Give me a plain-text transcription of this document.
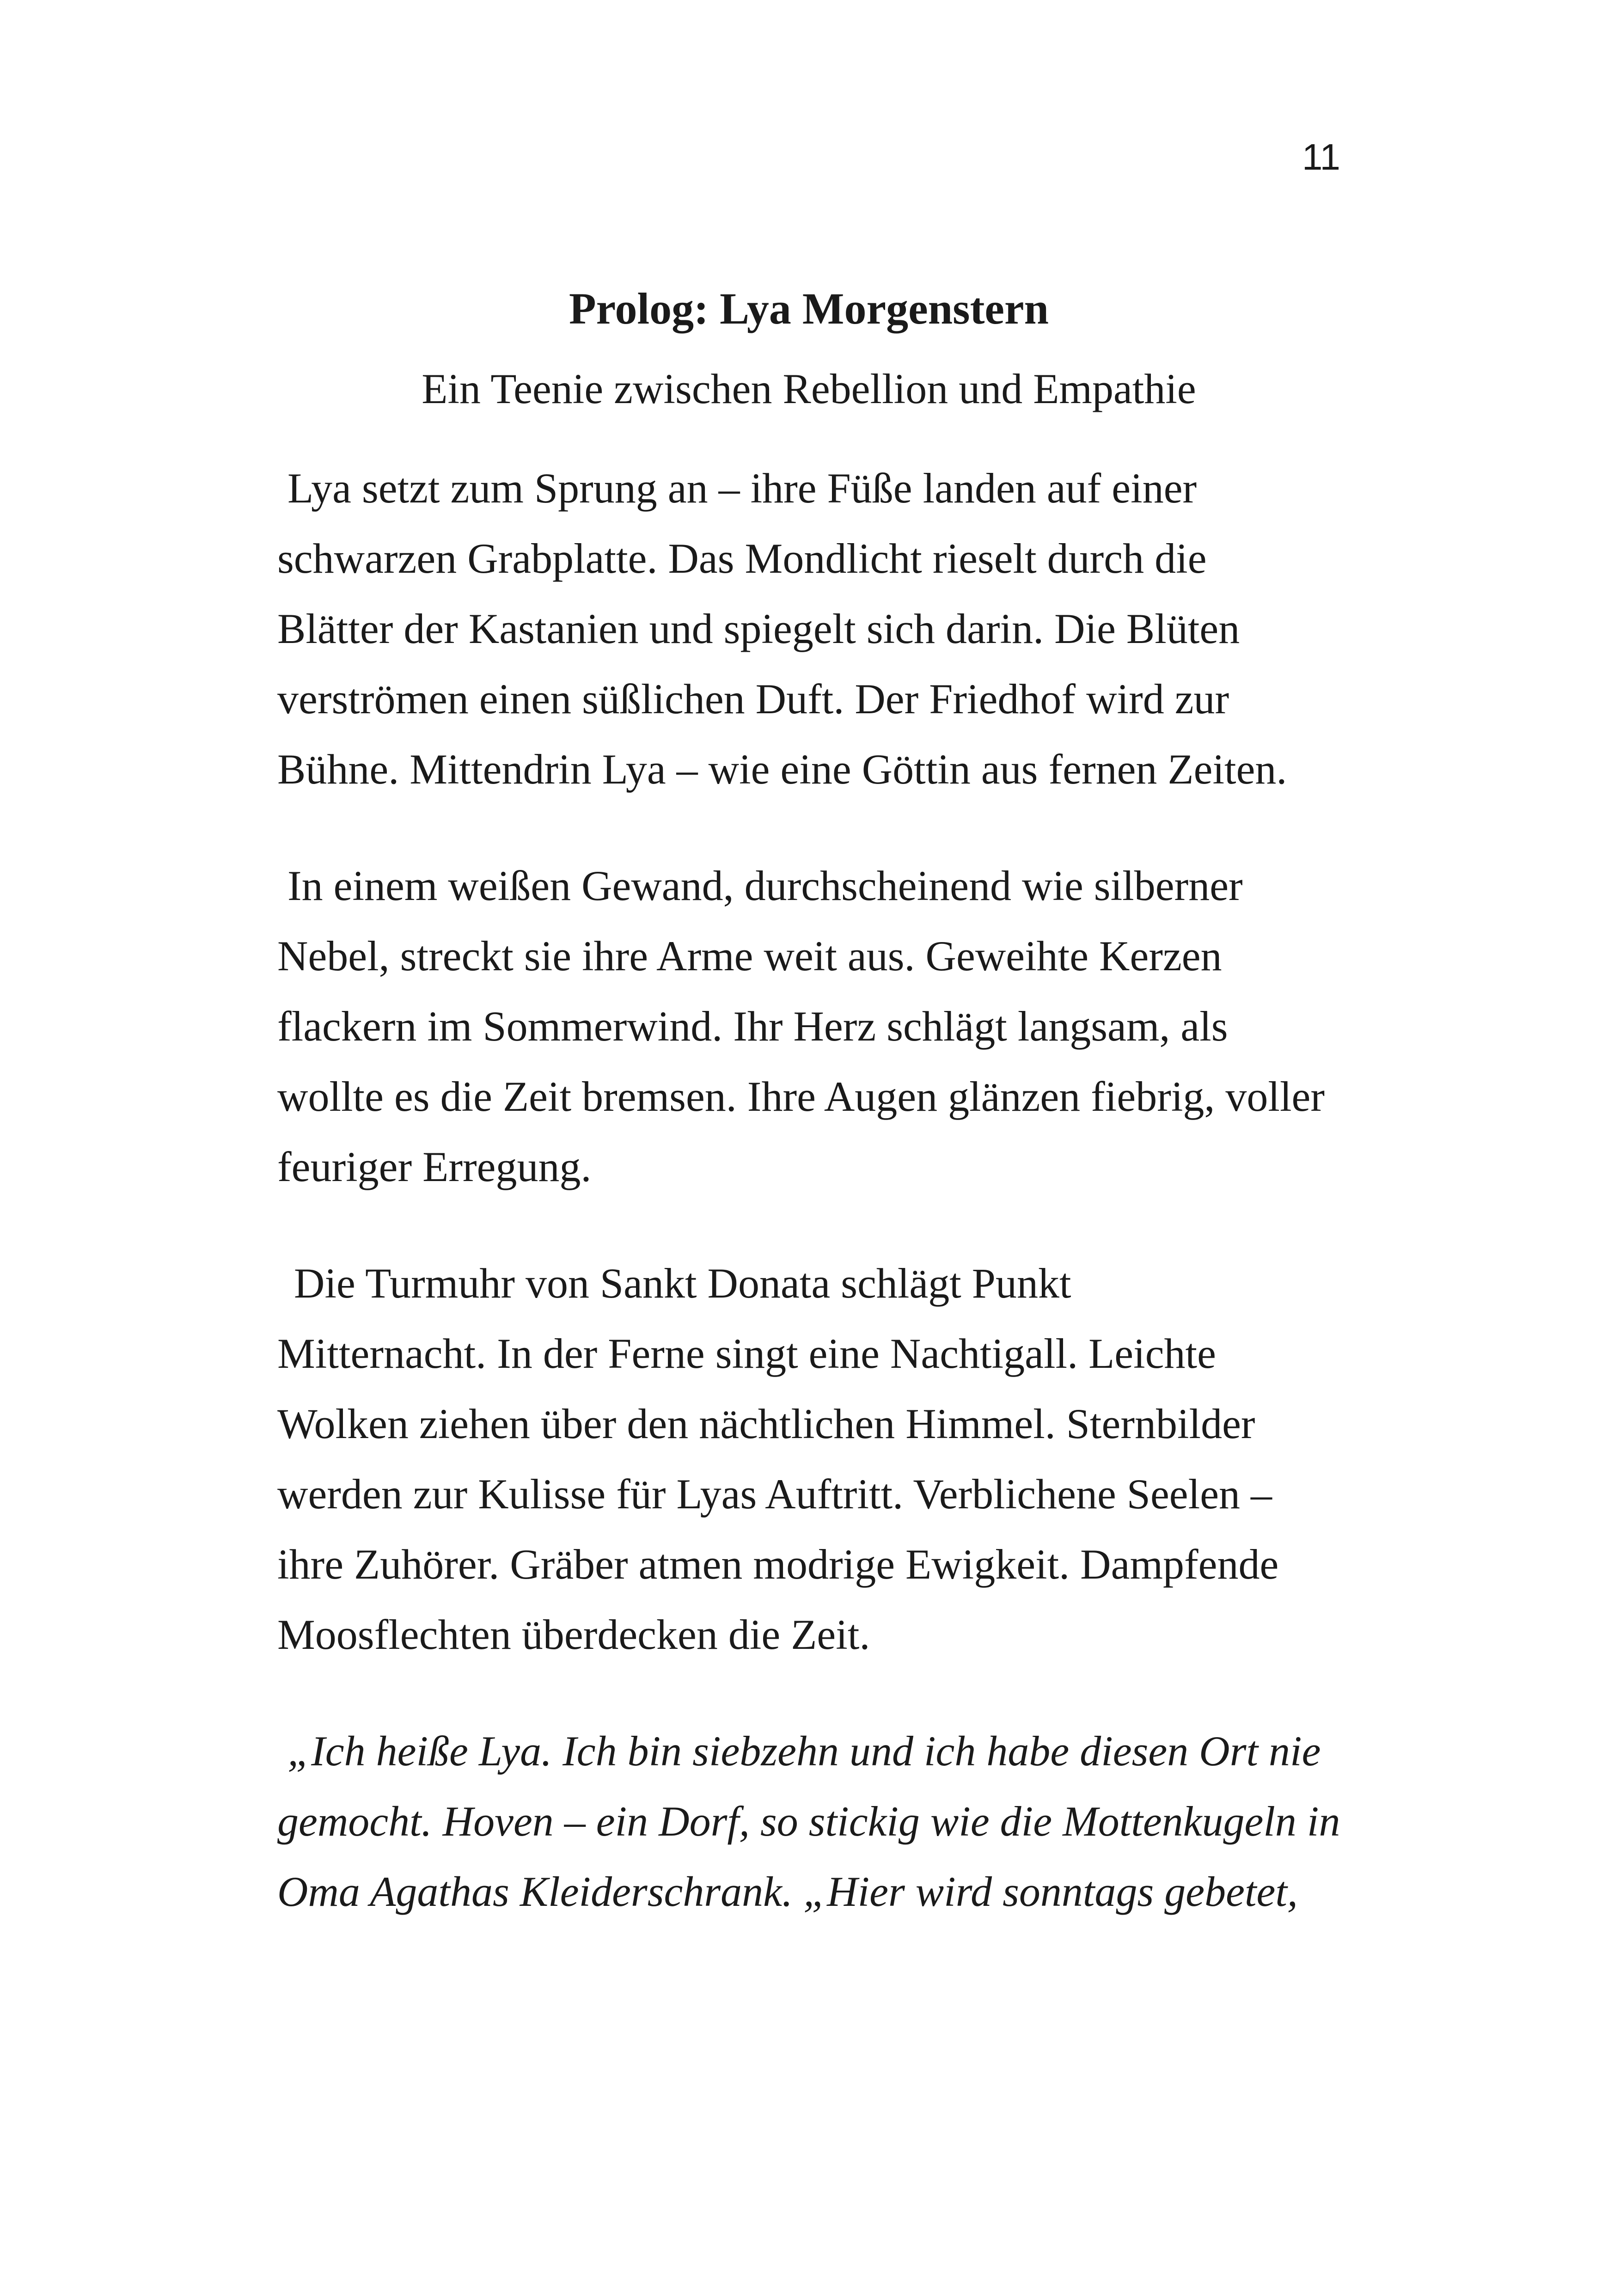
11
Prolog: Lya Morgenstern
Ein Teenie zwischen Rebellion und Empathie

Lya setzt zum Sprung an – ihre Füße landen auf einer
schwarzen Grabplatte. Das Mondlicht rieselt durch die
Blätter der Kastanien und spiegelt sich darin. Die Blüten
verströmen einen süßlichen Duft. Der Friedhof wird zur
Bühne. Mittendrin Lya – wie eine Göttin aus fernen Zeiten.

In einem weißen Gewand, durchscheinend wie silberner
Nebel, streckt sie ihre Arme weit aus. Geweihte Kerzen
flackern im Sommerwind. Ihr Herz schlägt langsam, als
wollte es die Zeit bremsen. Ihre Augen glänzen fiebrig, voller
feuriger Erregung.

Die Turmuhr von Sankt Donata schlägt Punkt
Mitternacht. In der Ferne singt eine Nachtigall. Leichte
Wolken ziehen über den nächtlichen Himmel. Sternbilder
werden zur Kulisse für Lyas Auftritt. Verblichene Seelen –
ihre Zuhörer. Gräber atmen modrige Ewigkeit. Dampfende
Moosflechten überdecken die Zeit.

„Ich heiße Lya. Ich bin siebzehn und ich habe diesen Ort nie
gemocht. Hoven – ein Dorf, so stickig wie die Mottenkugeln in
Oma Agathas Kleiderschrank. „Hier wird sonntags gebetet,
